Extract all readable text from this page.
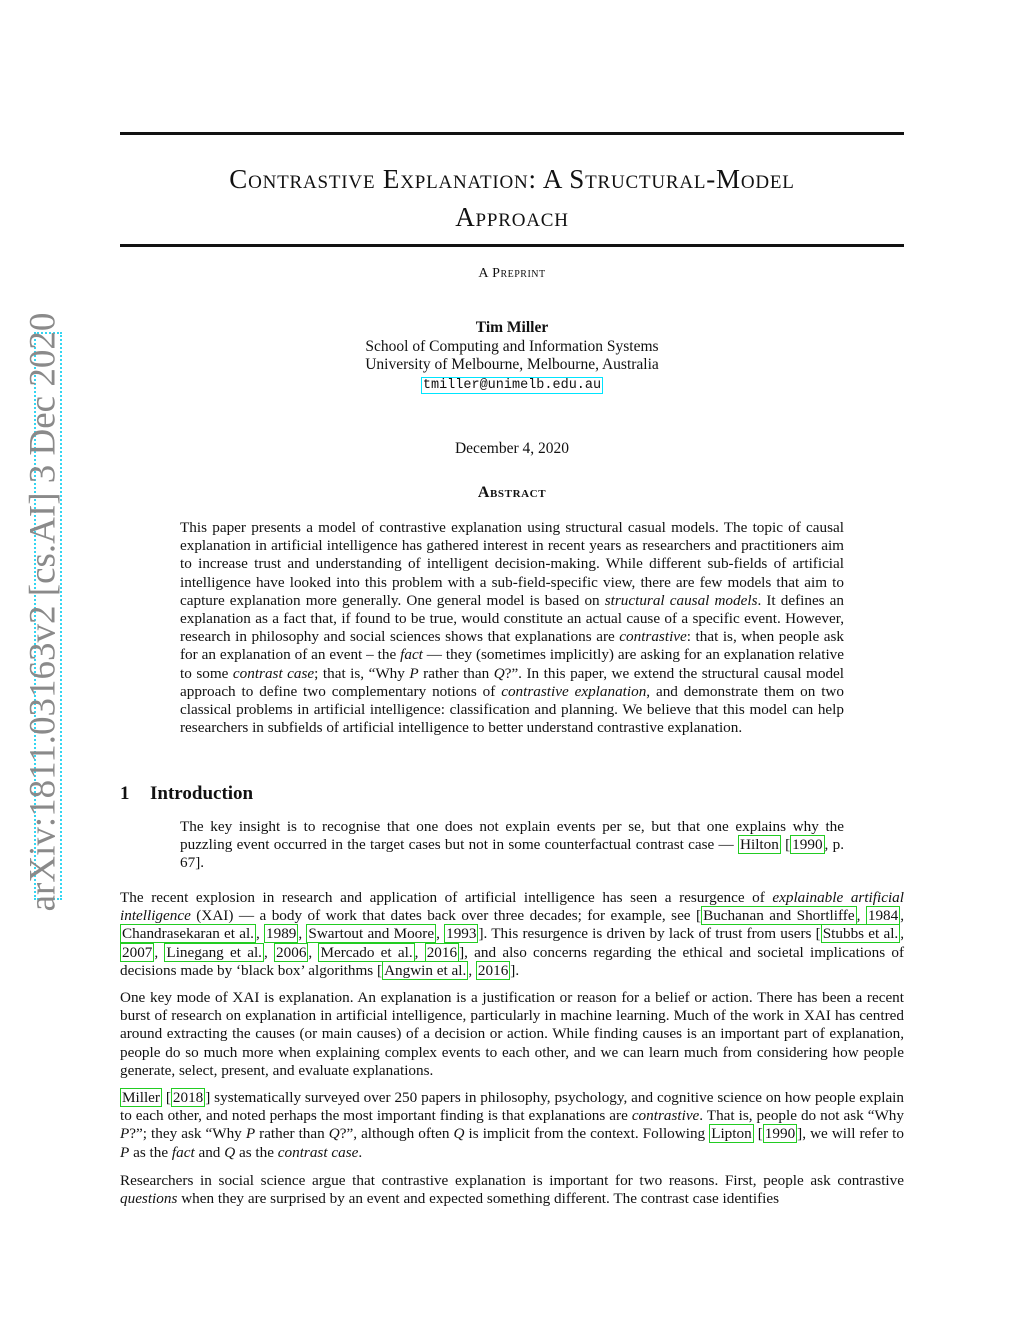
Contrastive Explanation: A Structural-Model
Approach
A Preprint
Tim Miller
School of Computing and Information Systems
University of Melbourne, Melbourne, Australia
tmiller@unimelb.edu.au
December 4, 2020
Abstract
This paper presents a model of contrastive explanation using structural casual models. The topic of causal explanation in artificial intelligence has gathered interest in recent years as researchers and practitioners aim to increase trust and understanding of intelligent decision-making. While different sub-fields of artificial intelligence have looked into this problem with a sub-field-specific view, there are few models that aim to capture explanation more generally. One general model is based on structural causal models. It defines an explanation as a fact that, if found to be true, would constitute an actual cause of a specific event. However, research in philosophy and social sciences shows that explanations are contrastive: that is, when people ask for an explanation of an event – the fact — they (sometimes implicitly) are asking for an explanation relative to some contrast case; that is, “Why P rather than Q?”. In this paper, we extend the structural causal model approach to define two complementary notions of contrastive explanation, and demonstrate them on two classical problems in artificial intelligence: classification and planning. We believe that this model can help researchers in subfields of artificial intelligence to better understand contrastive explanation.
1 Introduction
The key insight is to recognise that one does not explain events per se, but that one explains why the puzzling event occurred in the target cases but not in some counterfactual contrast case — Hilton [ 1990 , p. 67].
The recent explosion in research and application of artificial intelligence has seen a resurgence of explainable artificial intelligence (XAI) — a body of work that dates back over three decades; for example, see [ Buchanan and Shortliffe , 1984 , Chandrasekaran et al. , 1989 , Swartout and Moore , 1993 ]. This resurgence is driven by lack of trust from users [ Stubbs et al. , 2007 , Linegang et al. , 2006 , Mercado et al. , 2016 ], and also concerns regarding the ethical and societal implications of decisions made by ‘black box’ algorithms [ Angwin et al. , 2016 ].
One key mode of XAI is explanation. An explanation is a justification or reason for a belief or action. There has been a recent burst of research on explanation in artificial intelligence, particularly in machine learning. Much of the work in XAI has centred around extracting the causes (or main causes) of a decision or action. While finding causes is an important part of explanation, people do so much more when explaining complex events to each other, and we can learn much from considering how people generate, select, present, and evaluate explanations.
Miller [ 2018 ] systematically surveyed over 250 papers in philosophy, psychology, and cognitive science on how people explain to each other, and noted perhaps the most important finding is that explanations are contrastive. That is, people do not ask “Why P?”; they ask “Why P rather than Q?”, although often Q is implicit from the context. Following Lipton [ 1990 ], we will refer to P as the fact and Q as the contrast case.
Researchers in social science argue that contrastive explanation is important for two reasons. First, people ask contrastive questions when they are surprised by an event and expected something different. The contrast case identifies
arXiv:1811.03163v2 [cs.AI] 3 Dec 2020
